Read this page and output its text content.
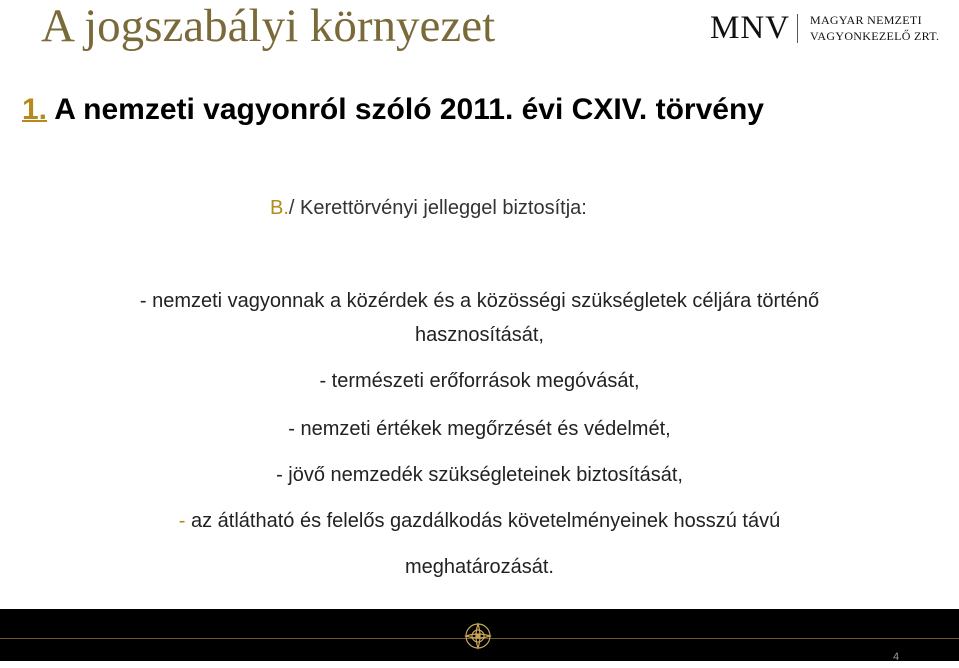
A jogszabályi környezet	MNV MAGYAR NEMZETI
VAGYONKEZELŐ ZRT.
1. A nemzeti vagyonról szóló 2011. évi CXIV. törvény

B./ Kerettörvényi jelleggel biztosítja:

- nemzeti vagyonnak a közérdek és a közösségi szükségletek céljára történő

hasznosítását,

- természeti erőforrások megóvását,

- nemzeti értékek megőrzését és védelmét,

- jövő nemzedék szükségleteinek biztosítását,

- az átlátható és felelős gazdálkodás követelményeinek hosszú távú

meghatározását.

4
